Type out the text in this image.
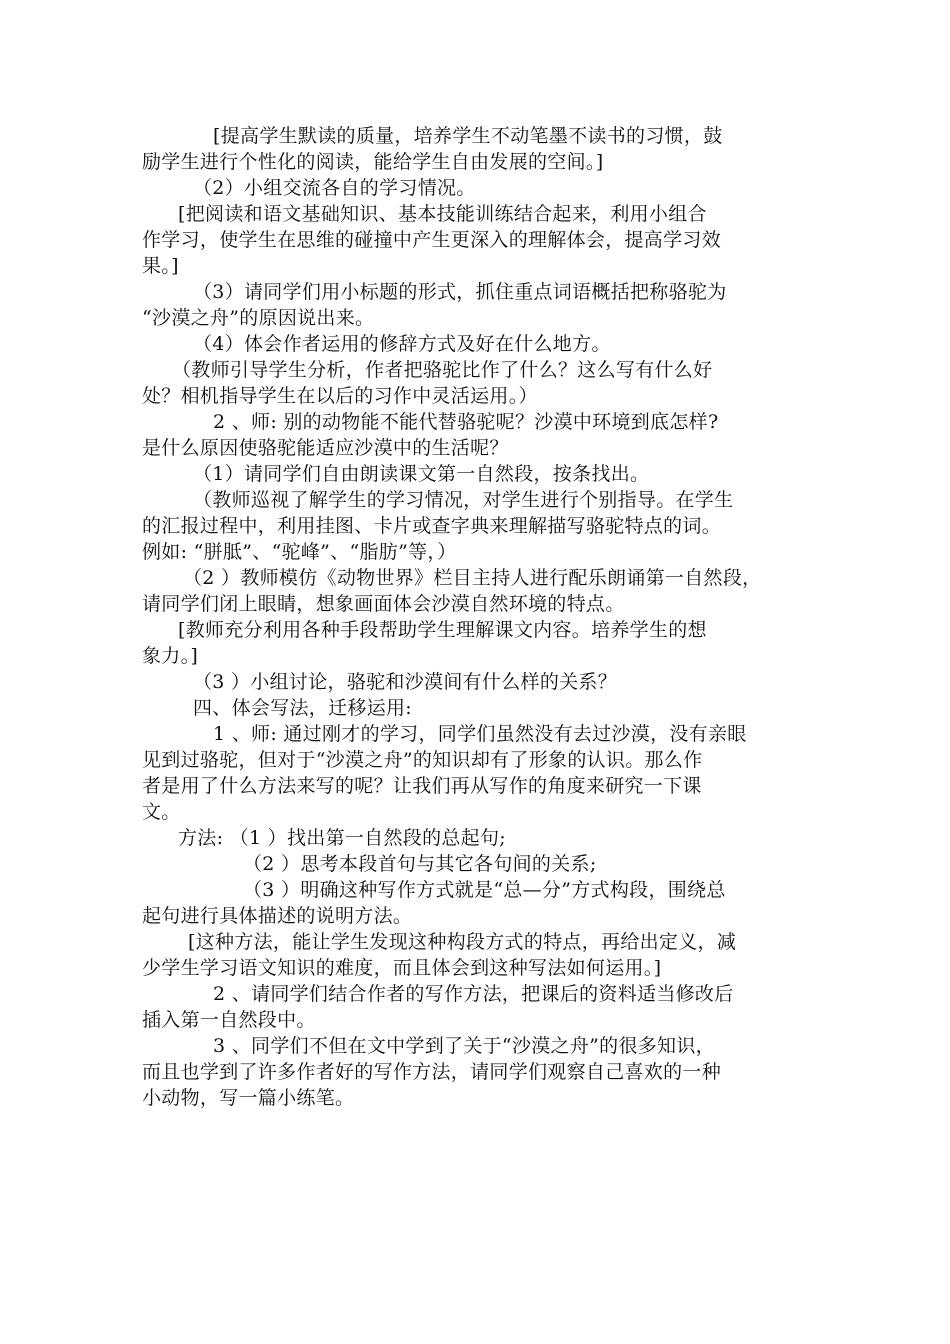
[提高学生默读的质量，培养学生不动笔墨不读书的习惯，鼓
励学生进行个性化的阅读，能给学生自由发展的空间。]
（2）小组交流各自的学习情况。
[把阅读和语文基础知识、基本技能训练结合起来，利用小组合
作学习，使学生在思维的碰撞中产生更深入的理解体会，提高学习效
果。]
（3）请同学们用小标题的形式，抓住重点词语概括把称骆驼为
“沙漠之舟”的原因说出来。
（4）体会作者运用的修辞方式及好在什么地方。
（教师引导学生分析，作者把骆驼比作了什么？这么写有什么好
处？相机指导学生在以后的习作中灵活运用。）
2 、师: 别的动物能不能代替骆驼呢？沙漠中环境到底怎样?
是什么原因使骆驼能适应沙漠中的生活呢？
（1）请同学们自由朗读课文第一自然段，按条找出。
（教师巡视了解学生的学习情况，对学生进行个别指导。在学生
的汇报过程中，利用挂图、卡片或查字典来理解描写骆驼特点的词。
例如: “胼胝”、“驼峰”、“脂肪”等，）
（2 ）教师模仿《动物世界》栏目主持人进行配乐朗诵第一自然段，
请同学们闭上眼睛，想象画面体会沙漠自然环境的特点。
[教师充分利用各种手段帮助学生理解课文内容。培养学生的想
象力。]
（3 ）小组讨论，骆驼和沙漠间有什么样的关系？
四、体会写法，迁移运用:
1 、师: 通过刚才的学习，同学们虽然没有去过沙漠，没有亲眼
见到过骆驼，但对于“沙漠之舟”的知识却有了形象的认识。那么作
者是用了什么方法来写的呢？让我们再从写作的角度来研究一下课
文。
方法: （1 ）找出第一自然段的总起句;
（2 ）思考本段首句与其它各句间的关系;
（3 ）明确这种写作方式就是“总—分”方式构段，围绕总
起句进行具体描述的说明方法。
[这种方法，能让学生发现这种构段方式的特点，再给出定义，减
少学生学习语文知识的难度，而且体会到这种写法如何运用。]
2 、请同学们结合作者的写作方法，把课后的资料适当修改后
插入第一自然段中。
3 、同学们不但在文中学到了关于“沙漠之舟”的很多知识，
而且也学到了许多作者好的写作方法，请同学们观察自己喜欢的一种
小动物，写一篇小练笔。
